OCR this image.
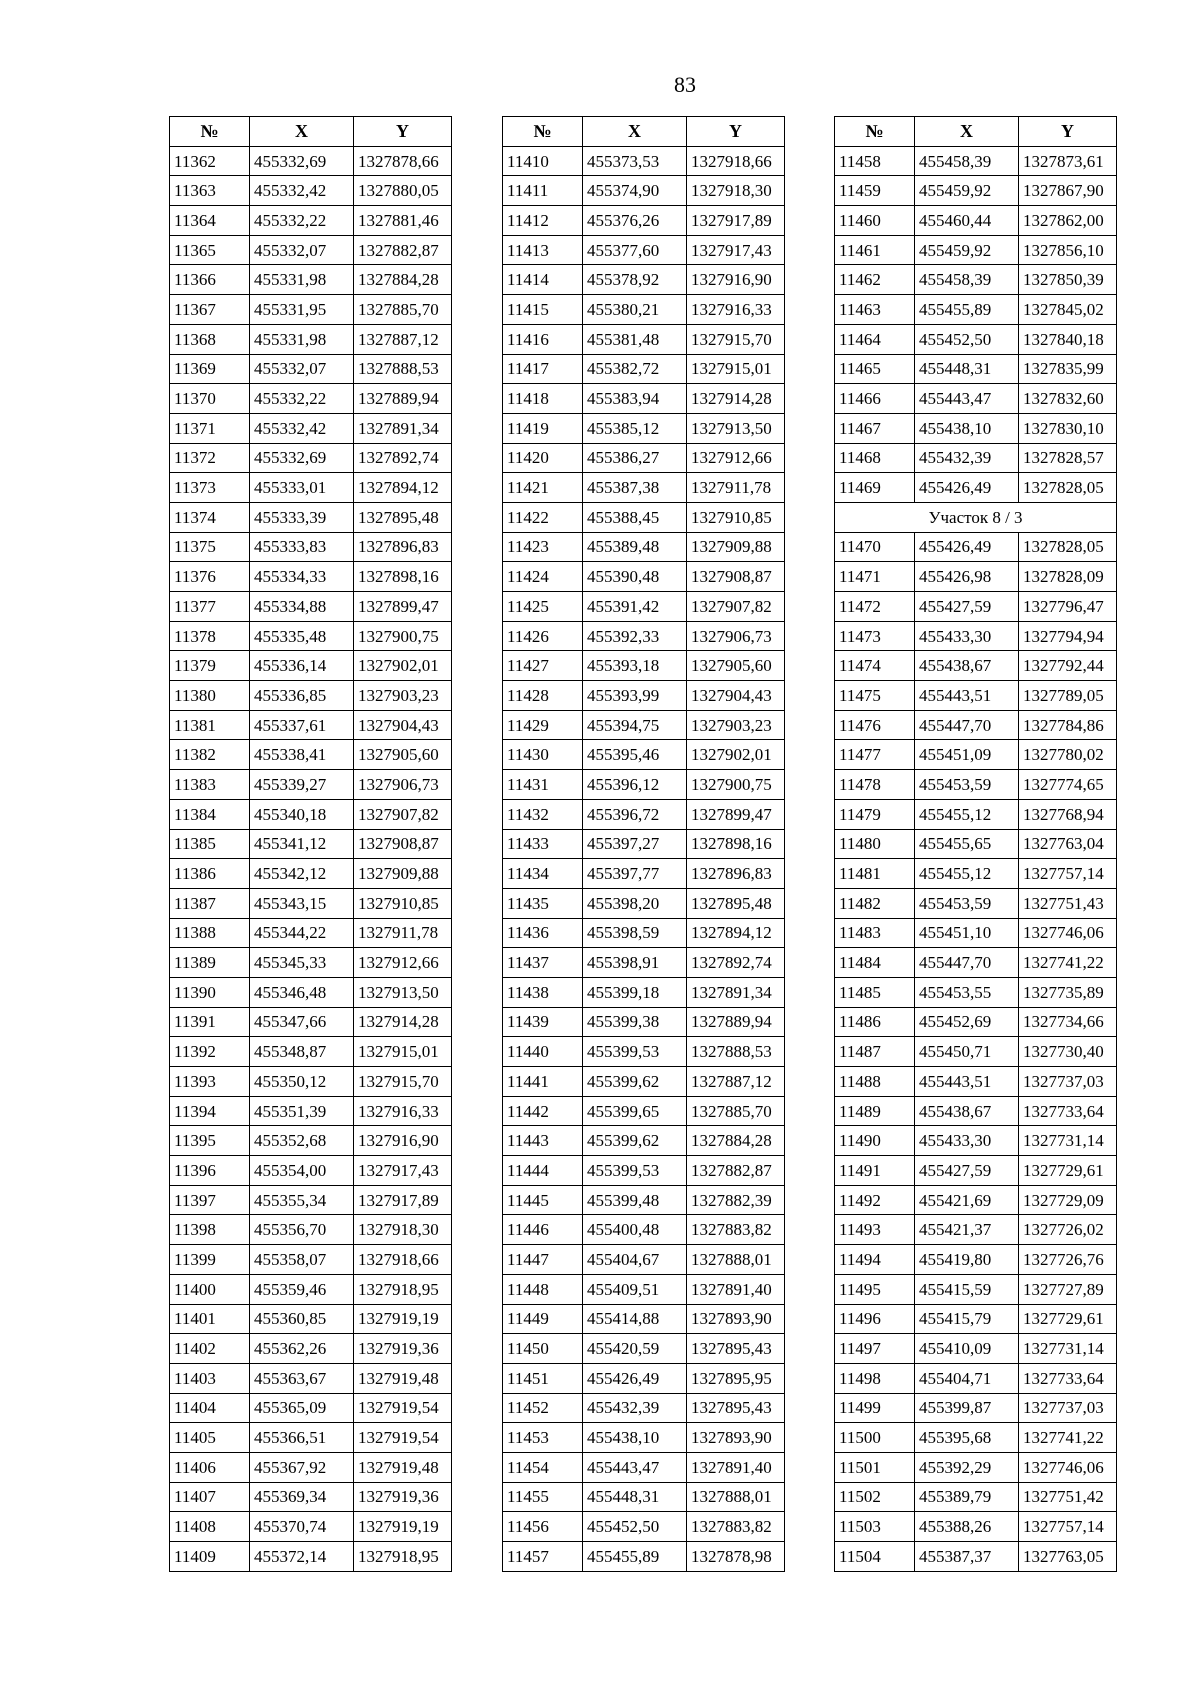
83
№	X	Y
11362	455332,69	1327878,66
11363	455332,42	1327880,05
11364	455332,22	1327881,46
11365	455332,07	1327882,87
11366	455331,98	1327884,28
11367	455331,95	1327885,70
11368	455331,98	1327887,12
11369	455332,07	1327888,53
11370	455332,22	1327889,94
11371	455332,42	1327891,34
11372	455332,69	1327892,74
11373	455333,01	1327894,12
11374	455333,39	1327895,48
11375	455333,83	1327896,83
11376	455334,33	1327898,16
11377	455334,88	1327899,47
11378	455335,48	1327900,75
11379	455336,14	1327902,01
11380	455336,85	1327903,23
11381	455337,61	1327904,43
11382	455338,41	1327905,60
11383	455339,27	1327906,73
11384	455340,18	1327907,82
11385	455341,12	1327908,87
11386	455342,12	1327909,88
11387	455343,15	1327910,85
11388	455344,22	1327911,78
11389	455345,33	1327912,66
11390	455346,48	1327913,50
11391	455347,66	1327914,28
11392	455348,87	1327915,01
11393	455350,12	1327915,70
11394	455351,39	1327916,33
11395	455352,68	1327916,90
11396	455354,00	1327917,43
11397	455355,34	1327917,89
11398	455356,70	1327918,30
11399	455358,07	1327918,66
11400	455359,46	1327918,95
11401	455360,85	1327919,19
11402	455362,26	1327919,36
11403	455363,67	1327919,48
11404	455365,09	1327919,54
11405	455366,51	1327919,54
11406	455367,92	1327919,48
11407	455369,34	1327919,36
11408	455370,74	1327919,19
11409	455372,14	1327918,95
№	X	Y
11410	455373,53	1327918,66
11411	455374,90	1327918,30
11412	455376,26	1327917,89
11413	455377,60	1327917,43
11414	455378,92	1327916,90
11415	455380,21	1327916,33
11416	455381,48	1327915,70
11417	455382,72	1327915,01
11418	455383,94	1327914,28
11419	455385,12	1327913,50
11420	455386,27	1327912,66
11421	455387,38	1327911,78
11422	455388,45	1327910,85
11423	455389,48	1327909,88
11424	455390,48	1327908,87
11425	455391,42	1327907,82
11426	455392,33	1327906,73
11427	455393,18	1327905,60
11428	455393,99	1327904,43
11429	455394,75	1327903,23
11430	455395,46	1327902,01
11431	455396,12	1327900,75
11432	455396,72	1327899,47
11433	455397,27	1327898,16
11434	455397,77	1327896,83
11435	455398,20	1327895,48
11436	455398,59	1327894,12
11437	455398,91	1327892,74
11438	455399,18	1327891,34
11439	455399,38	1327889,94
11440	455399,53	1327888,53
11441	455399,62	1327887,12
11442	455399,65	1327885,70
11443	455399,62	1327884,28
11444	455399,53	1327882,87
11445	455399,48	1327882,39
11446	455400,48	1327883,82
11447	455404,67	1327888,01
11448	455409,51	1327891,40
11449	455414,88	1327893,90
11450	455420,59	1327895,43
11451	455426,49	1327895,95
11452	455432,39	1327895,43
11453	455438,10	1327893,90
11454	455443,47	1327891,40
11455	455448,31	1327888,01
11456	455452,50	1327883,82
11457	455455,89	1327878,98
№	X	Y
11458	455458,39	1327873,61
11459	455459,92	1327867,90
11460	455460,44	1327862,00
11461	455459,92	1327856,10
11462	455458,39	1327850,39
11463	455455,89	1327845,02
11464	455452,50	1327840,18
11465	455448,31	1327835,99
11466	455443,47	1327832,60
11467	455438,10	1327830,10
11468	455432,39	1327828,57
11469	455426,49	1327828,05
Участок 8 / 3		
11470	455426,49	1327828,05
11471	455426,98	1327828,09
11472	455427,59	1327796,47
11473	455433,30	1327794,94
11474	455438,67	1327792,44
11475	455443,51	1327789,05
11476	455447,70	1327784,86
11477	455451,09	1327780,02
11478	455453,59	1327774,65
11479	455455,12	1327768,94
11480	455455,65	1327763,04
11481	455455,12	1327757,14
11482	455453,59	1327751,43
11483	455451,10	1327746,06
11484	455447,70	1327741,22
11485	455453,55	1327735,89
11486	455452,69	1327734,66
11487	455450,71	1327730,40
11488	455443,51	1327737,03
11489	455438,67	1327733,64
11490	455433,30	1327731,14
11491	455427,59	1327729,61
11492	455421,69	1327729,09
11493	455421,37	1327726,02
11494	455419,80	1327726,76
11495	455415,59	1327727,89
11496	455415,79	1327729,61
11497	455410,09	1327731,14
11498	455404,71	1327733,64
11499	455399,87	1327737,03
11500	455395,68	1327741,22
11501	455392,29	1327746,06
11502	455389,79	1327751,42
11503	455388,26	1327757,14
11504	455387,37	1327763,05
